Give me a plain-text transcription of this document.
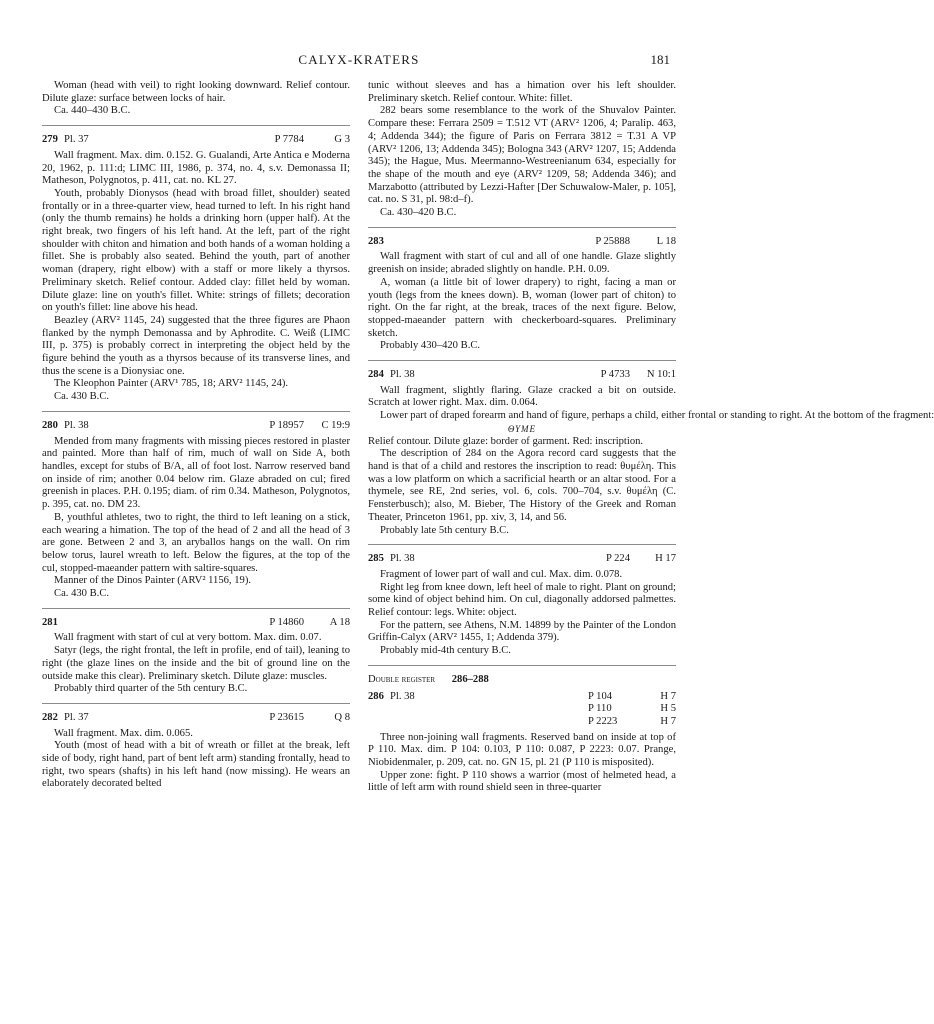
CALYX-KRATERS	181

Woman (head with veil) to right looking downward. Relief contour. Dilute glaze: surface between locks of hair.

Ca. 440–430 B.C.

279 Pl. 37	P 7784	G 3

Wall fragment. Max. dim. 0.152. G. Gualandi, Arte Antica e Moderna 20, 1962, p. 111:d; LIMC III, 1986, p. 374, no. 4, s.v. Demonassa II; Matheson, Polygnotos, p. 411, cat. no. KL 27.

Youth, probably Dionysos (head with broad fillet, shoulder) seated frontally or in a three-quarter view, head turned to left. In his right hand (only the thumb remains) he holds a drinking horn (upper half). At the right break, two fingers of his left hand. At the left, part of the right shoulder with chiton and himation and both hands of a woman holding a fillet. She is probably also seated. Behind the youth, part of another woman (drapery, right elbow) with a staff or more likely a thyrsos. Preliminary sketch. Relief contour. Added clay: fillet held by woman. Dilute glaze: line on youth's fillet. White: strings of fillets; decoration on youth's fillet: line above his head.

Beazley (ARV² 1145, 24) suggested that the three figures are Phaon flanked by the nymph Demonassa and by Aphrodite. C. Weiß (LIMC III, p. 375) is probably correct in interpreting the object held by the figure behind the youth as a thyrsos because of its transverse lines, and thus the scene is a Dionysiac one.

The Kleophon Painter (ARV¹ 785, 18; ARV² 1145, 24).

Ca. 430 B.C.

280 Pl. 38	P 18957	C 19:9

Mended from many fragments with missing pieces restored in plaster and painted. More than half of rim, much of wall on Side A, both handles, except for stubs of B/A, all of foot lost. Narrow reserved band on inside of rim; another 0.04 below rim. Glaze abraded on cul; fired greenish in places. P.H. 0.195; diam. of rim 0.34. Matheson, Polygnotos, p. 395, cat. no. DM 23.

B, youthful athletes, two to right, the third to left leaning on a stick, each wearing a himation. The top of the head of 2 and all the head of 3 are gone. Between 2 and 3, an aryballos hangs on the wall. On rim below torus, laurel wreath to left. Below the figures, at the top of the cul, stopped-maeander pattern with saltire-squares.

Manner of the Dinos Painter (ARV² 1156, 19).

Ca. 430 B.C.

281	P 14860	A 18

Wall fragment with start of cul at very bottom. Max. dim. 0.07.

Satyr (legs, the right frontal, the left in profile, end of tail), leaning to right (the glaze lines on the inside and the bit of ground line on the outside make this clear). Preliminary sketch. Dilute glaze: muscles.

Probably third quarter of the 5th century B.C.

282 Pl. 37	P 23615	Q 8

Wall fragment. Max. dim. 0.065.

Youth (most of head with a bit of wreath or fillet at the break, left side of body, right hand, part of bent left arm) standing frontally, head to right, two spears (shafts) in his left hand (now missing). He wears an elaborately decorated belted

tunic without sleeves and has a himation over his left shoulder. Preliminary sketch. Relief contour. White: fillet.

282 bears some resemblance to the work of the Shuvalov Painter. Compare these: Ferrara 2509 = T.512 VT (ARV² 1206, 4; Paralip. 463, 4; Addenda 344); the figure of Paris on Ferrara 3812 = T.31 A VP (ARV² 1206, 13; Addenda 345); Bologna 343 (ARV² 1207, 15; Addenda 345); the Hague, Mus. Meermanno-Westreenianum 634, especially for the shape of the mouth and eye (ARV² 1209, 58; Addenda 346); and Marzabotto (attributed by Lezzi-Hafter [Der Schuwalow-Maler, p. 105], cat. no. S 31, pl. 98:d–f).

Ca. 430–420 B.C.

283	P 25888	L 18

Wall fragment with start of cul and all of one handle. Glaze slightly greenish on inside; abraded slightly on handle. P.H. 0.09.

A, woman (a little bit of lower drapery) to right, facing a man or youth (legs from the knees down). B, woman (lower part of chiton) to right. On the far right, at the break, traces of the next figure. Below, stopped-maeander pattern with checkerboard-squares. Preliminary sketch.

Probably 430–420 B.C.

284 Pl. 38	P 4733	N 10:1

Wall fragment, slightly flaring. Glaze cracked a bit on outside. Scratch at lower right. Max. dim. 0.064.

Lower part of draped forearm and hand of figure, perhaps a child, either frontal or standing to right. At the bottom of the fragment:

ΘΥΜΕ

Relief contour. Dilute glaze: border of garment. Red: inscription.

The description of 284 on the Agora record card suggests that the hand is that of a child and restores the inscription to read: θυμέλη. This was a low platform on which a sacrificial hearth or an altar stood. For a thymele, see RE, 2nd series, vol. 6, cols. 700–704, s.v. θυμέλη (C. Fensterbusch); also, M. Bieber, The History of the Greek and Roman Theater, Princeton 1961, pp. xiv, 3, 14, and 56.

Probably late 5th century B.C.

285 Pl. 38	P 224	H 17

Fragment of lower part of wall and cul. Max. dim. 0.078.

Right leg from knee down, left heel of male to right. Plant on ground; some kind of object behind him. On cul, diagonally addorsed palmettes. Relief contour: legs. White: object.

For the pattern, see Athens, N.M. 14899 by the Painter of the London Griffin-Calyx (ARV² 1455, 1; Addenda 379).

Probably mid-4th century B.C.

Double register 286–288
286 Pl. 38	P 104	H 7
P 110	H 5
P 2223	H 7

Three non-joining wall fragments. Reserved band on inside at top of P 110. Max. dim. P 104: 0.103, P 110: 0.087, P 2223: 0.07. Prange, Niobidenmaler, p. 209, cat. no. GN 15, pl. 21 (P 110 is misposited).

Upper zone: fight. P 110 shows a warrior (most of helmeted head, a little of left arm with round shield seen in three-quarter
